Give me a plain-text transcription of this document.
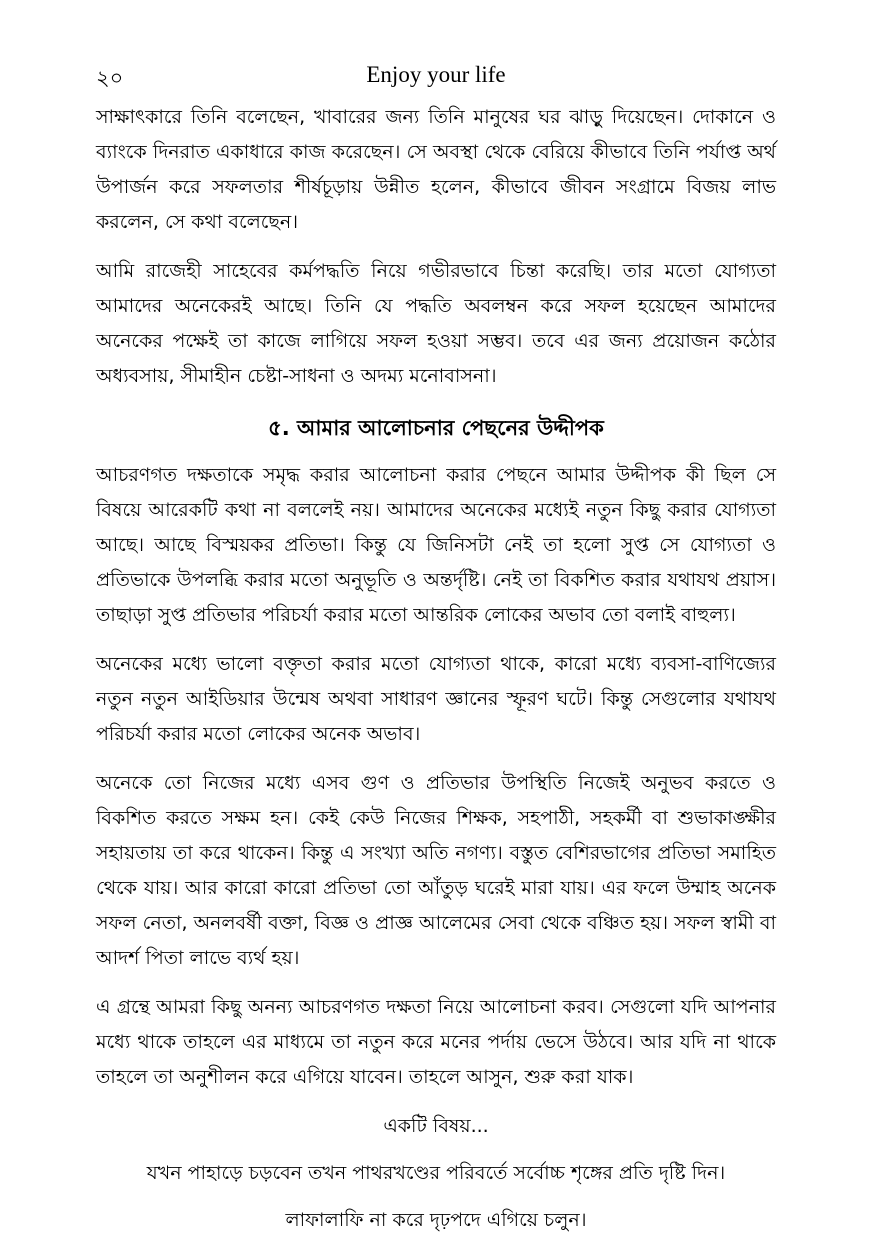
২০	Enjoy your life

সাক্ষাৎকারে তিনি বলেছেন, খাবারের জন্য তিনি মানুষের ঘর ঝাড়ু দিয়েছেন। দোকানে ও ব্যাংকে দিনরাত একাধারে কাজ করেছেন। সে অবস্থা থেকে বেরিয়ে কীভাবে তিনি পর্যাপ্ত অর্থ উপার্জন করে সফলতার শীর্ষচূড়ায় উন্নীত হলেন, কীভাবে জীবন সংগ্রামে বিজয় লাভ করলেন, সে কথা বলেছেন।

আমি রাজেহী সাহেবের কর্মপদ্ধতি নিয়ে গভীরভাবে চিন্তা করেছি। তার মতো যোগ্যতা আমাদের অনেকেরই আছে। তিনি যে পদ্ধতি অবলম্বন করে সফল হয়েছেন আমাদের অনেকের পক্ষেই তা কাজে লাগিয়ে সফল হওয়া সম্ভব। তবে এর জন্য প্রয়োজন কঠোর অধ্যবসায়, সীমাহীন চেষ্টা-সাধনা ও অদম্য মনোবাসনা।

৫. আমার আলোচনার পেছনের উদ্দীপক

আচরণগত দক্ষতাকে সমৃদ্ধ করার আলোচনা করার পেছনে আমার উদ্দীপক কী ছিল সে বিষয়ে আরেকটি কথা না বললেই নয়। আমাদের অনেকের মধ্যেই নতুন কিছু করার যোগ্যতা আছে। আছে বিস্ময়কর প্রতিভা। কিন্তু যে জিনিসটা নেই তা হলো সুপ্ত সে যোগ্যতা ও প্রতিভাকে উপলব্ধি করার মতো অনুভূতি ও অন্তর্দৃষ্টি। নেই তা বিকশিত করার যথাযথ প্রয়াস। তাছাড়া সুপ্ত প্রতিভার পরিচর্যা করার মতো আন্তরিক লোকের অভাব তো বলাই বাহুল্য।

অনেকের মধ্যে ভালো বক্তৃতা করার মতো যোগ্যতা থাকে, কারো মধ্যে ব্যবসা-বাণিজ্যের নতুন নতুন আইডিয়ার উন্মেষ অথবা সাধারণ জ্ঞানের স্ফূরণ ঘটে। কিন্তু সেগুলোর যথাযথ পরিচর্যা করার মতো লোকের অনেক অভাব।

অনেকে তো নিজের মধ্যে এসব গুণ ও প্রতিভার উপস্থিতি নিজেই অনুভব করতে ও বিকশিত করতে সক্ষম হন। কেই কেউ নিজের শিক্ষক, সহপাঠী, সহকর্মী বা শুভাকাঙ্ক্ষীর সহায়তায় তা করে থাকেন। কিন্তু এ সংখ্যা অতি নগণ্য। বস্তুত বেশিরভাগের প্রতিভা সমাহিত থেকে যায়। আর কারো কারো প্রতিভা তো আঁতুড় ঘরেই মারা যায়। এর ফলে উম্মাহ অনেক সফল নেতা, অনলবর্ষী বক্তা, বিজ্ঞ ও প্রাজ্ঞ আলেমের সেবা থেকে বঞ্চিত হয়। সফল স্বামী বা আদর্শ পিতা লাভে ব্যর্থ হয়।

এ গ্রন্থে আমরা কিছু অনন্য আচরণগত দক্ষতা নিয়ে আলোচনা করব। সেগুলো যদি আপনার মধ্যে থাকে তাহলে এর মাধ্যমে তা নতুন করে মনের পর্দায় ভেসে উঠবে। আর যদি না থাকে তাহলে তা অনুশীলন করে এগিয়ে যাবেন। তাহলে আসুন, শুরু করা যাক।

একটি বিষয়...
যখন পাহাড়ে চড়বেন তখন পাথরখণ্ডের পরিবর্তে সর্বোচ্চ শৃঙ্গের প্রতি দৃষ্টি দিন।
লাফালাফি না করে দৃঢ়পদে এগিয়ে চলুন।
